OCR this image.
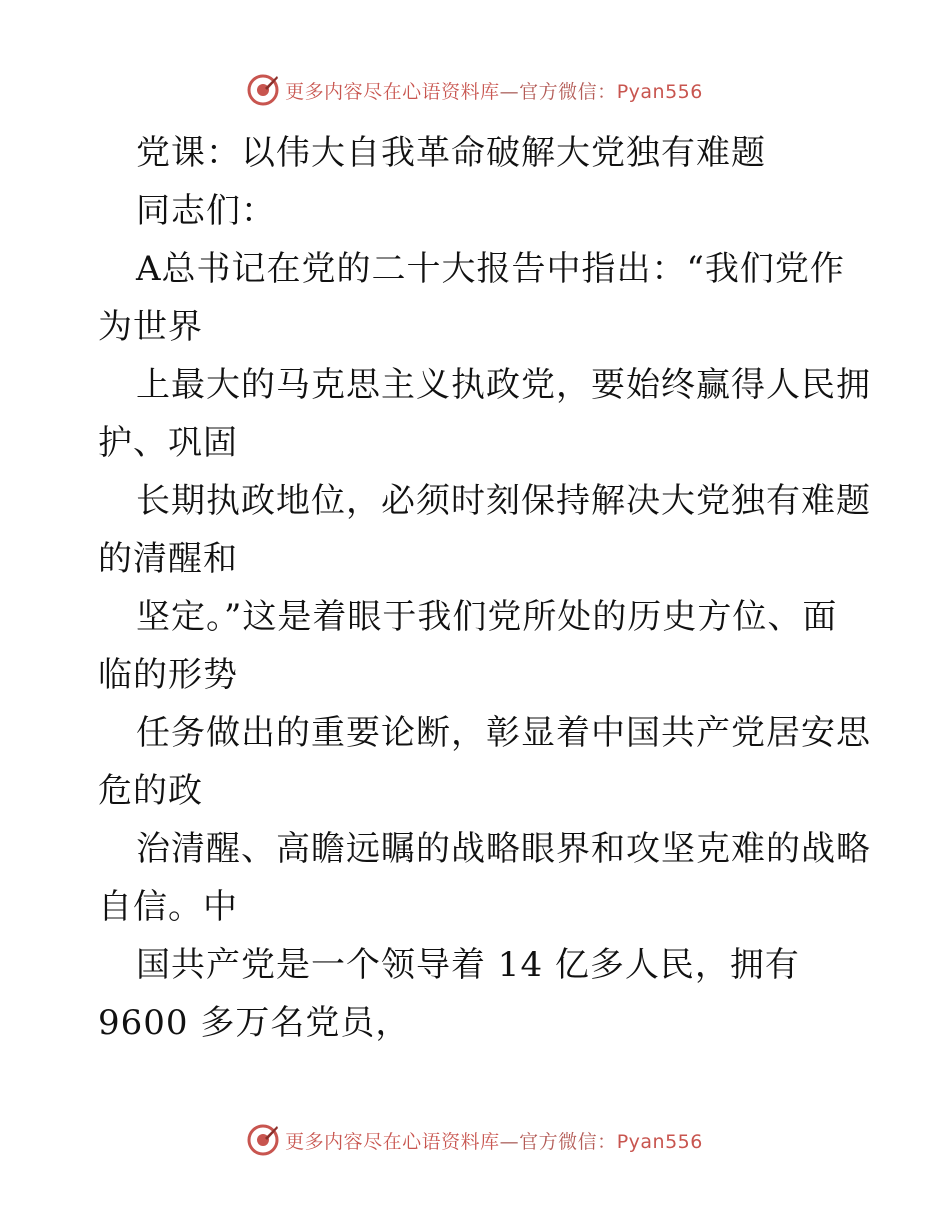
更多内容尽在心语资料库—官方微信：Pyan556
党课：以伟大自我革命破解大党独有难题
同志们：
A总书记在党的二十大报告中指出：“我们党作
为世界
上最大的马克思主义执政党，要始终赢得人民拥
护、巩固
长期执政地位，必须时刻保持解决大党独有难题
的清醒和
坚定。”这是着眼于我们党所处的历史方位、面
临的形势
任务做出的重要论断，彰显着中国共产党居安思
危的政
治清醒、高瞻远瞩的战略眼界和攻坚克难的战略
自信。中
国共产党是一个领导着 14 亿多人民，拥有
9600 多万名党员，
更多内容尽在心语资料库—官方微信：Pyan556
